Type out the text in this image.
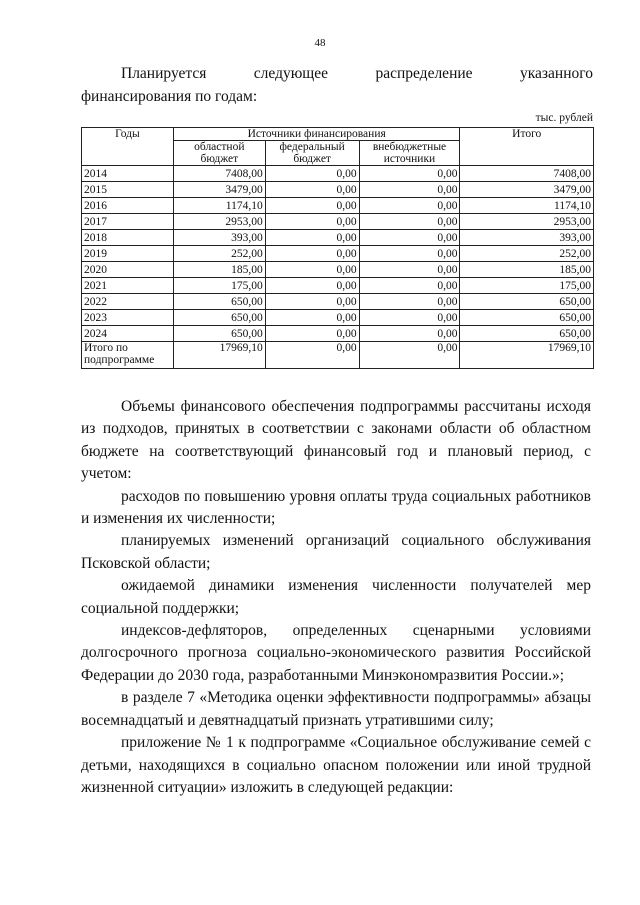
48
Планируется	следующее	распределение	указанного
финансирования по годам:
тыс. рублей
Годы	Источники финансирования			Итого
	областной бюджет	федеральный бюджет	внебюджетные источники	
2014	7408,00	0,00	0,00	7408,00
2015	3479,00	0,00	0,00	3479,00
2016	1174,10	0,00	0,00	1174,10
2017	2953,00	0,00	0,00	2953,00
2018	393,00	0,00	0,00	393,00
2019	252,00	0,00	0,00	252,00
2020	185,00	0,00	0,00	185,00
2021	175,00	0,00	0,00	175,00
2022	650,00	0,00	0,00	650,00
2023	650,00	0,00	0,00	650,00
2024	650,00	0,00	0,00	650,00
Итого по подпрограмме	17969,10	0,00	0,00	17969,10

Объемы финансового обеспечения подпрограммы рассчитаны исходя из подходов, принятых в соответствии с законами области об областном бюджете на соответствующий финансовый год и плановый период, с учетом:

расходов по повышению уровня оплаты труда социальных работников и изменения их численности;

планируемых изменений организаций социального обслуживания Псковской области;

ожидаемой динамики изменения численности получателей мер социальной поддержки;

индексов-дефляторов, определенных сценарными условиями долгосрочного прогноза социально-экономического развития Российской Федерации до 2030 года, разработанными Минэкономразвития России.»;

в разделе 7 «Методика оценки эффективности подпрограммы» абзацы восемнадцатый и девятнадцатый признать утратившими силу;

приложение № 1 к подпрограмме «Социальное обслуживание семей с детьми, находящихся в социально опасном положении или иной трудной жизненной ситуации» изложить в следующей редакции:
